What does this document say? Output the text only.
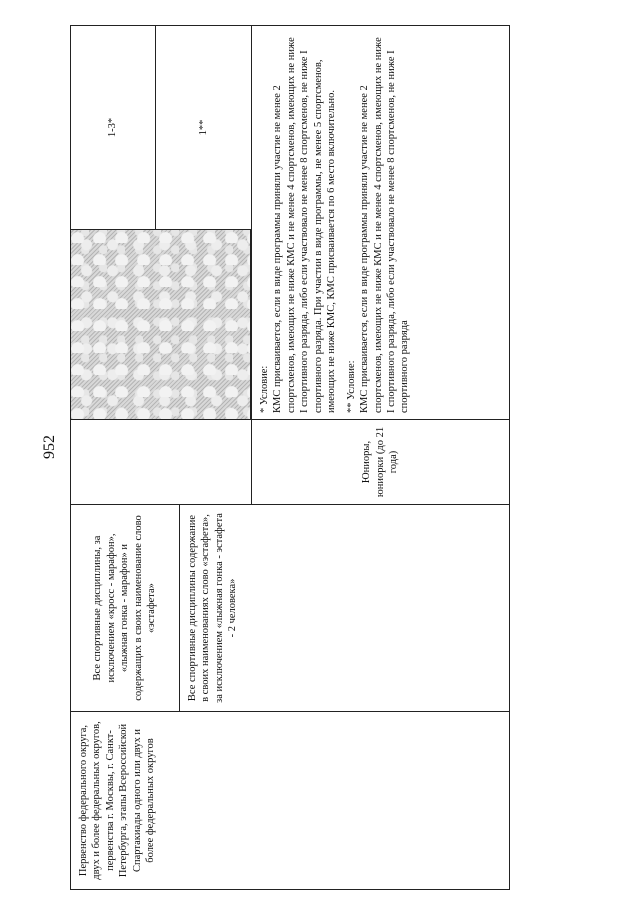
952
Первенство федерального округа, двух и более федеральных округов, первенства г. Москвы, г. Санкт-Петербурга, этапы Всероссийской Спартакиады одного или двух и более федеральных округов
Все спортивные дисциплины, за исключением «кросс - марафон», «лыжная гонка - марафон» и содержащих в своих наименование слово «эстафета»	Все спортивные дисциплины содержание в своих наименованиях слово «эстафета», за исключением «лыжная гонка - эстафета - 2 человека»
Юниоры, юниорки (до 21 года)
1-3*	1**

* Условие: КМС присваивается, если в виде программы приняли участие не менее 2 спортсменов, имеющих не ниже КМС и не менее 4 спортсменов, имеющих не ниже I спортивного разряда, либо если участвовало не менее 8 спортсменов, не ниже I спортивного разряда. При участии в виде программы, не менее 5 спортсменов, имеющих не ниже КМС, КМС присваивается по 6 место включительно. ** Условие: КМС присваивается, если в виде программы приняли участие не менее 2 спортсменов, имеющих не ниже КМС и не менее 4 спортсменов, имеющих не ниже I спортивного разряда, либо если участвовало не менее 8 спортсменов, не ниже I спортивного разряда
